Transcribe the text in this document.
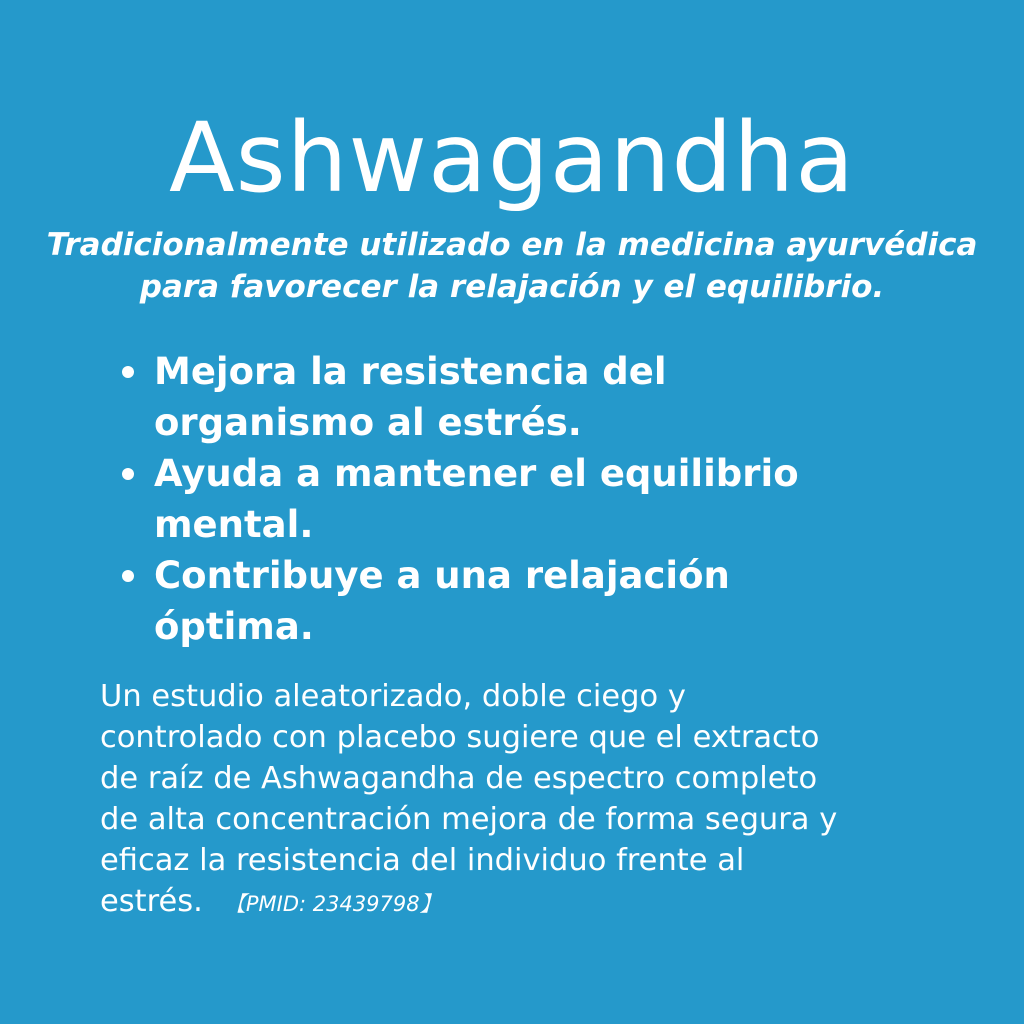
Ashwagandha

Tradicionalmente utilizado en la medicina ayurvédica
para favorecer la relajación y el equilibrio.

Mejora la resistencia del
organismo al estrés.
Ayuda a mantener el equilibrio
mental.
Contribuye a una relajación
óptima.

Un estudio aleatorizado, doble ciego y
controlado con placebo sugiere que el extracto
de raíz de Ashwagandha de espectro completo
de alta concentración mejora de forma segura y
eficaz la resistencia del individuo frente al
estrés. 【PMID: 23439798】
